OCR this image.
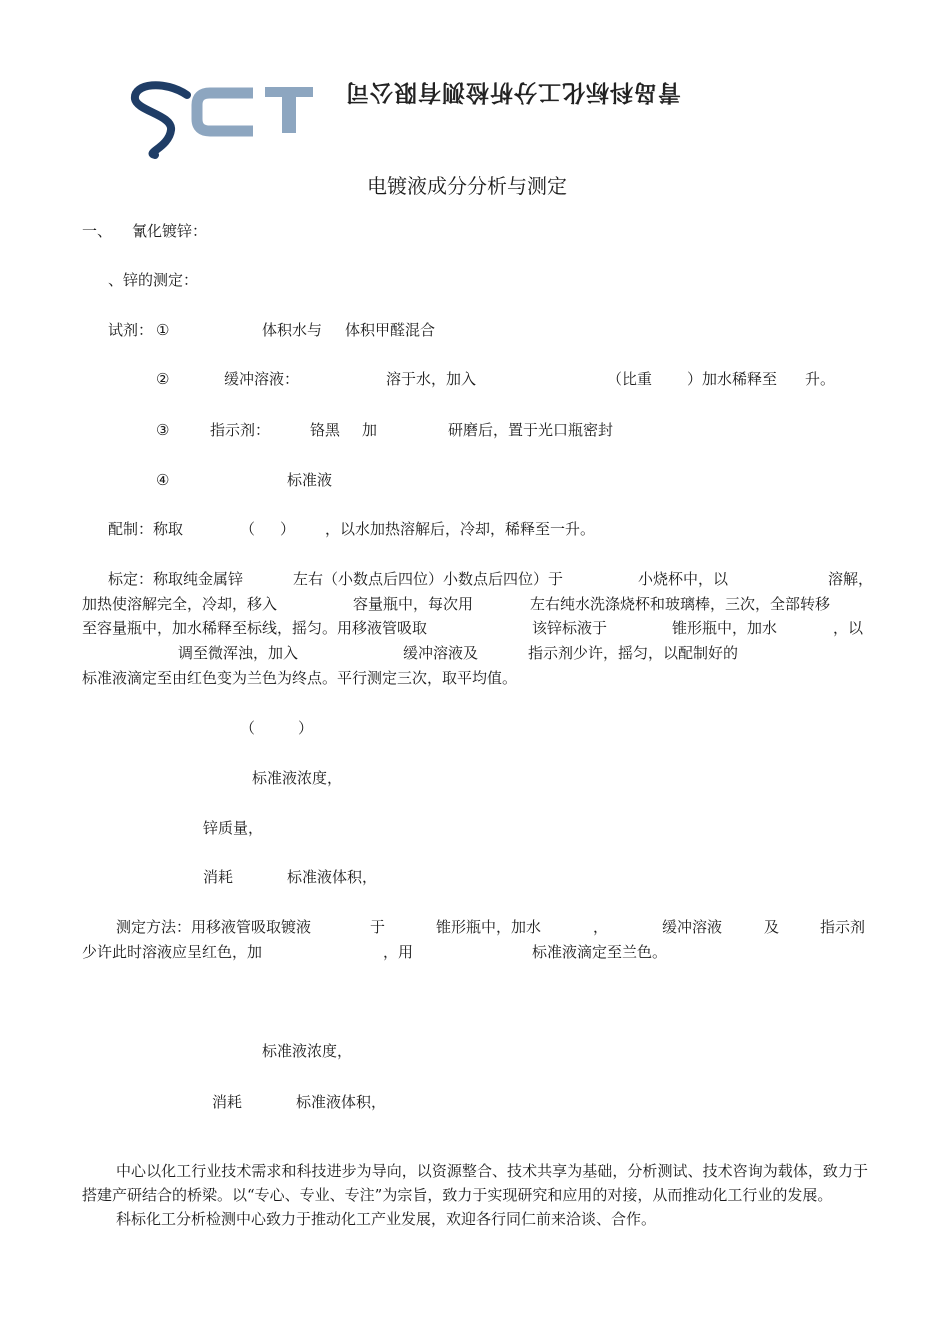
青岛科标化工分析检测有限公司
电镀液成分分析与测定
一、 氰化镀锌：
、锌的测定：
试剂： ①	体积水与 体积甲醛混合
②	缓冲溶液：	溶于水，加入	（比重 ）加水稀释至 升。
③	指示剂：	铬黑 加	研磨后，置于光口瓶密封
④	标准液
配制：称取	（ ） ，以水加热溶解后，冷却，稀释至一升。
标定：称取纯金属锌	左右（小数点后四位）小数点后四位）于	小烧杯中，以	溶解，
加热使溶解完全，冷却，移入	容量瓶中，每次用	左右纯水洗涤烧杯和玻璃棒，三次，全部转移
至容量瓶中，加水稀释至标线，摇匀。用移液管吸取	该锌标液于	锥形瓶中，加水	，以
调至微浑浊，加入	缓冲溶液及	指示剂少许，摇匀，以配制好的
标准液滴定至由红色变为兰色为终点。平行测定三次，取平均值。
（	）
标准液浓度，
锌质量，
消耗	标准液体积，
测定方法：用移液管吸取镀液	于	锥形瓶中，加水	，	缓冲溶液	及	指示剂
少许此时溶液应呈红色，加	，用	标准液滴定至兰色。
标准液浓度，
消耗	标准液体积，

中心以化工行业技术需求和科技进步为导向，以资源整合、技术共享为基础，分析测试、技术咨询为载体，致力于搭建产研结合的桥梁。以“专心、专业、专注”为宗旨，致力于实现研究和应用的对接，从而推动化工行业的发展。

科标化工分析检测中心致力于推动化工产业发展，欢迎各行同仁前来洽谈、合作。
